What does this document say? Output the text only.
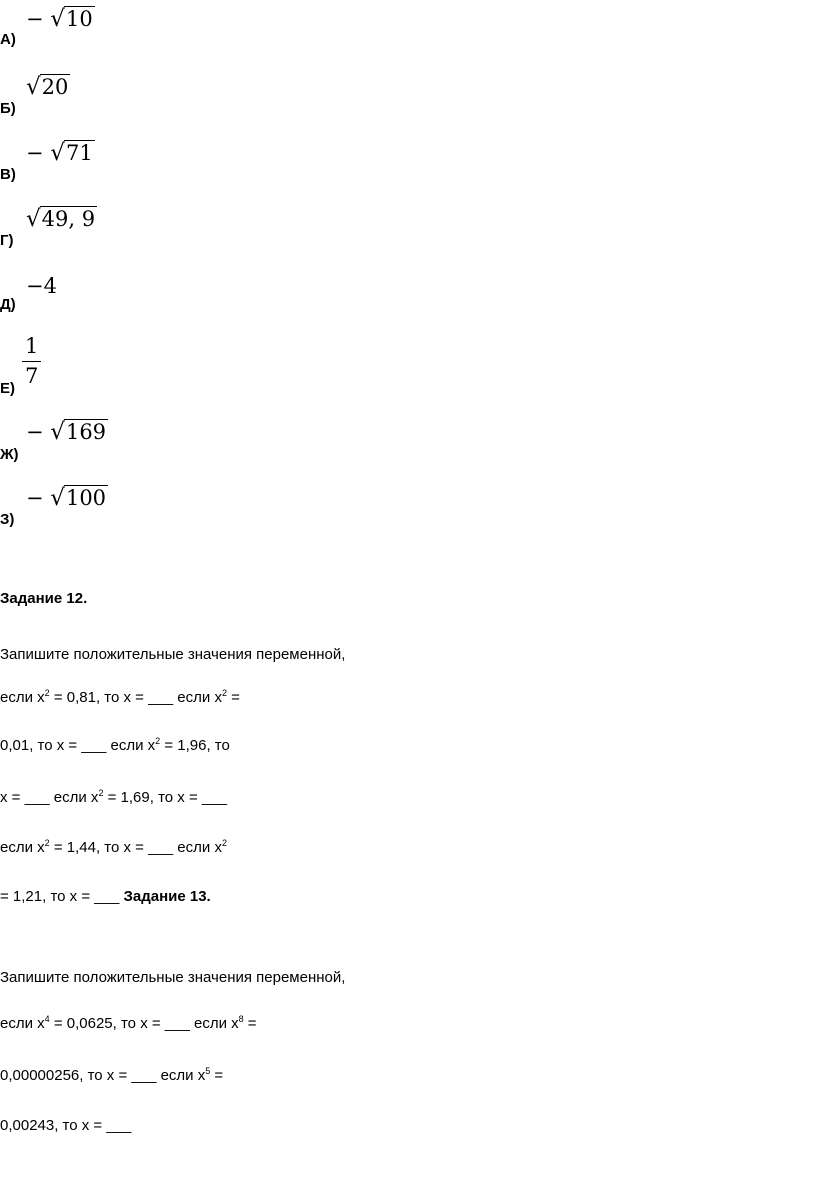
А)
− √10
Б)
√20
В)
− √71
Г)
√49, 9
Д)
−4
Е)
$\frac{1}{7}$
Ж)
− √169
З)
− √100
Задание 12.
Запишите положительные значения переменной,
если $x^2 = 0,81$, то x = ___ если $x^2$ =
0,01, то x = ___ если $x^2 = 1,96$, то
x = ___ если $x^2 = 1,69$, то x = ___
если $x^2 = 1,44$, то x = ___ если $x^2$
= 1,21, то x = ___ Задание 13.
Запишите положительные значения переменной,
если $x^4 = 0,0625$, то x = ___ если $x^8$ =
0,00000256, то x = ___ если $x^5$ =
0,00243, то x = ___
